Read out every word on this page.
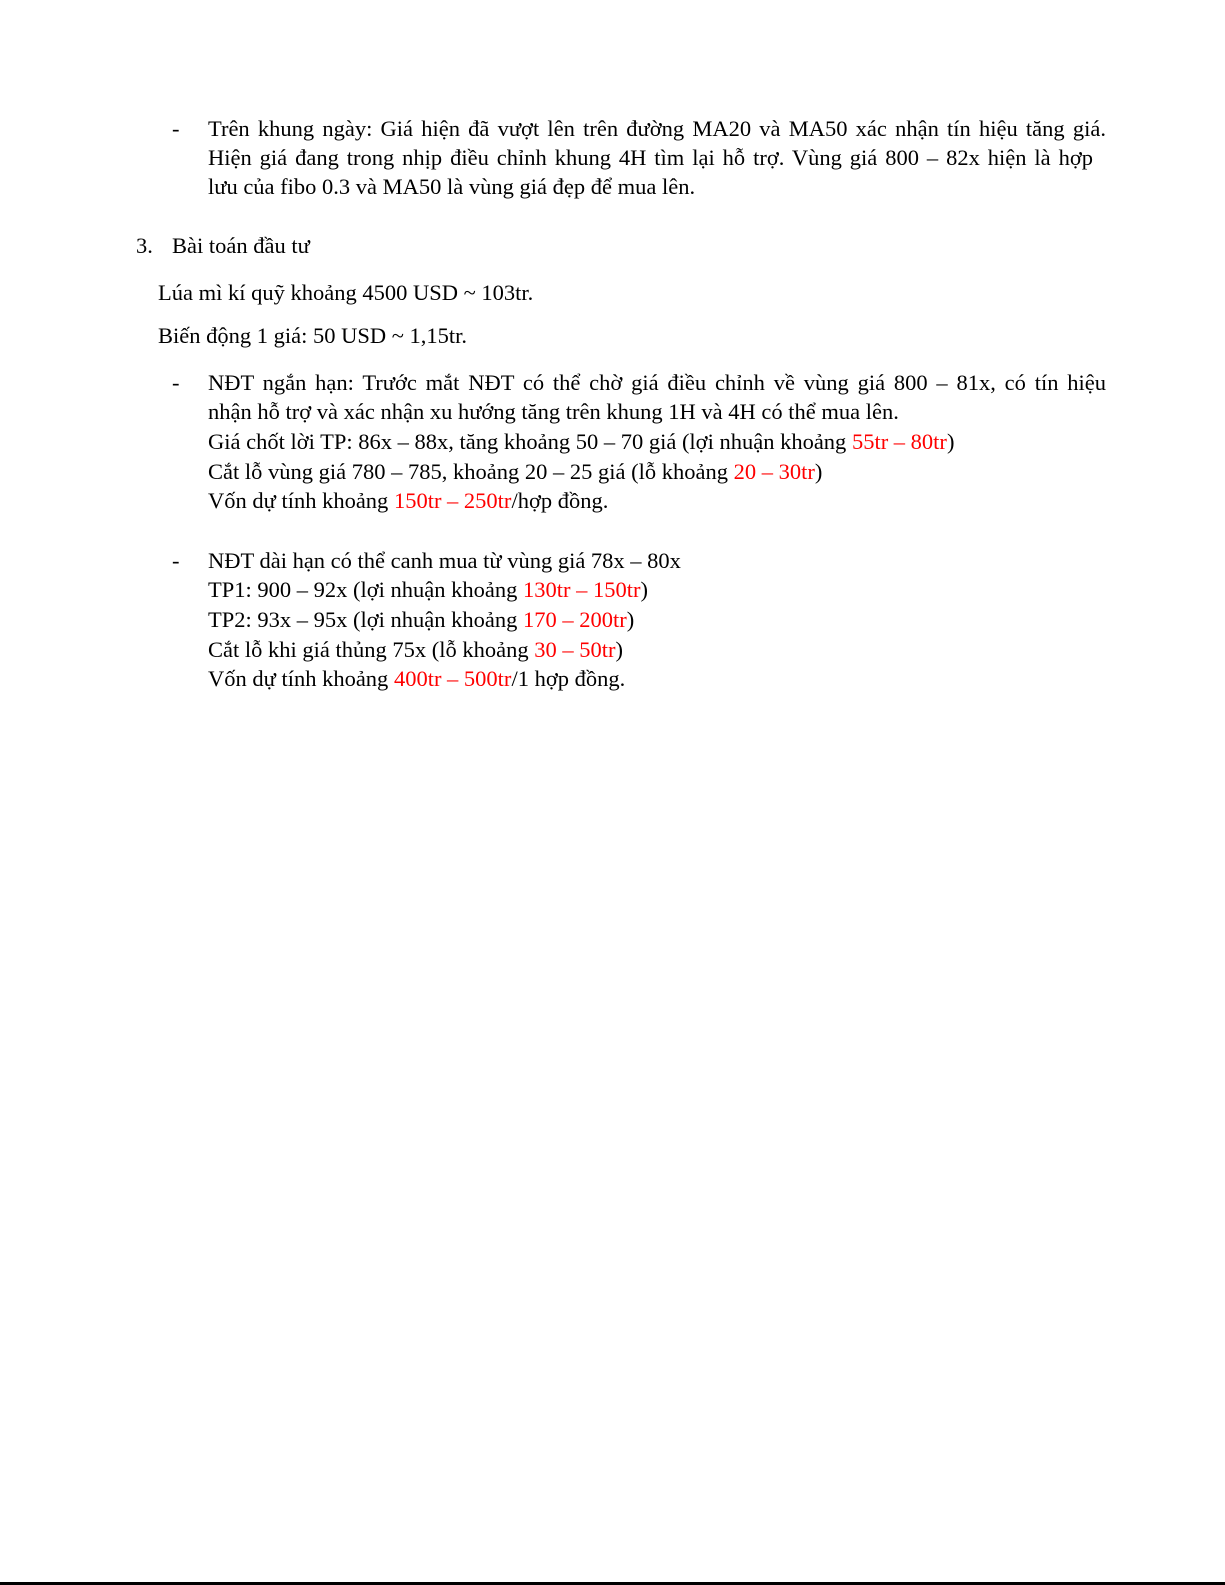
- Trên khung ngày: Giá hiện đã vượt lên trên đường MA20 và MA50 xác nhận tín hiệu tăng giá.
Hiện giá đang trong nhịp điều chỉnh khung 4H tìm lại hỗ trợ. Vùng giá 800 – 82x hiện là hợp
lưu của fibo 0.3 và MA50 là vùng giá đẹp để mua lên.
3. Bài toán đầu tư
Lúa mì kí quỹ khoảng 4500 USD ~ 103tr.
Biến động 1 giá: 50 USD ~ 1,15tr.
- NĐT ngắn hạn: Trước mắt NĐT có thể chờ giá điều chỉnh về vùng giá 800 – 81x, có tín hiệu
nhận hỗ trợ và xác nhận xu hướng tăng trên khung 1H và 4H có thể mua lên.
Giá chốt lời TP: 86x – 88x, tăng khoảng 50 – 70 giá (lợi nhuận khoảng 55tr – 80tr)
Cắt lỗ vùng giá 780 – 785, khoảng 20 – 25 giá (lỗ khoảng 20 – 30tr)
Vốn dự tính khoảng 150tr – 250tr/hợp đồng.
- NĐT dài hạn có thể canh mua từ vùng giá 78x – 80x
TP1: 900 – 92x (lợi nhuận khoảng 130tr – 150tr)
TP2: 93x – 95x (lợi nhuận khoảng 170 – 200tr)
Cắt lỗ khi giá thủng 75x (lỗ khoảng 30 – 50tr)
Vốn dự tính khoảng 400tr – 500tr/1 hợp đồng.
